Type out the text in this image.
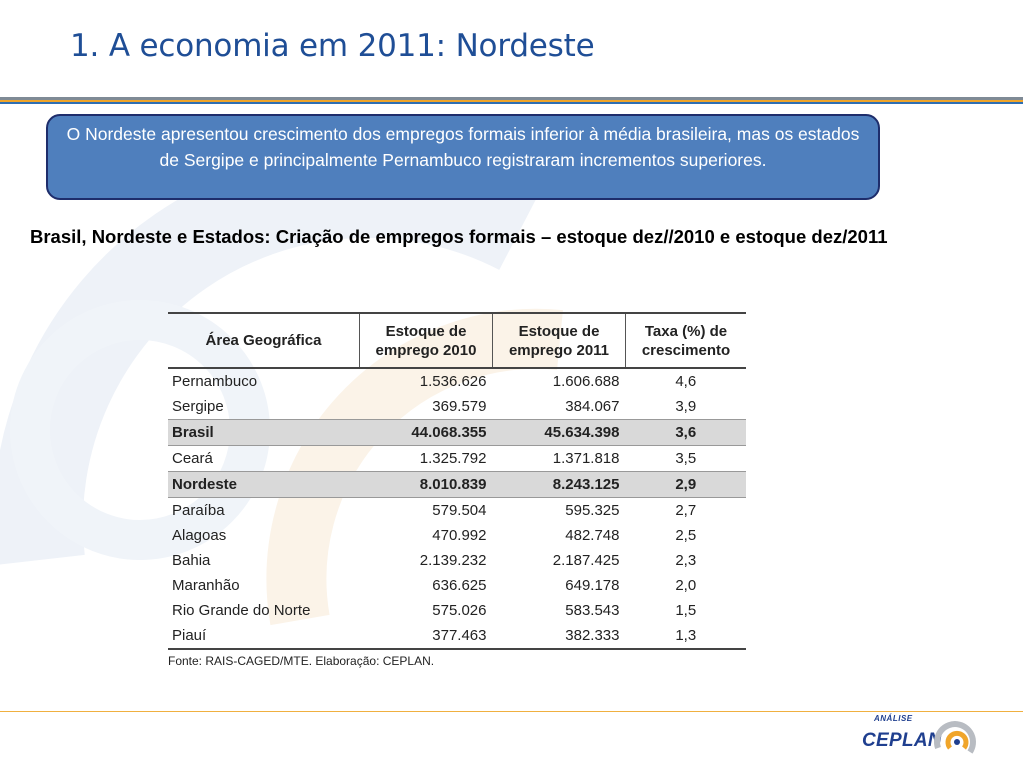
1. A economia em 2011: Nordeste
O Nordeste apresentou crescimento dos empregos formais inferior à média brasileira, mas os estados de Sergipe e principalmente Pernambuco registraram incrementos superiores.
Brasil, Nordeste e Estados: Criação de empregos formais – estoque dez//2010 e estoque dez/2011
Área Geográfica	Estoque de emprego 2010	Estoque de emprego 2011	Taxa (%) de crescimento
Pernambuco	1.536.626	1.606.688	4,6
Sergipe	369.579	384.067	3,9
Brasil	44.068.355	45.634.398	3,6
Ceará	1.325.792	1.371.818	3,5
Nordeste	8.010.839	8.243.125	2,9
Paraíba	579.504	595.325	2,7
Alagoas	470.992	482.748	2,5
Bahia	2.139.232	2.187.425	2,3
Maranhão	636.625	649.178	2,0
Rio Grande do Norte	575.026	583.543	1,5
Piauí	377.463	382.333	1,3
Fonte: RAIS-CAGED/MTE. Elaboração: CEPLAN.
ANÁLISE
CEPLAN
